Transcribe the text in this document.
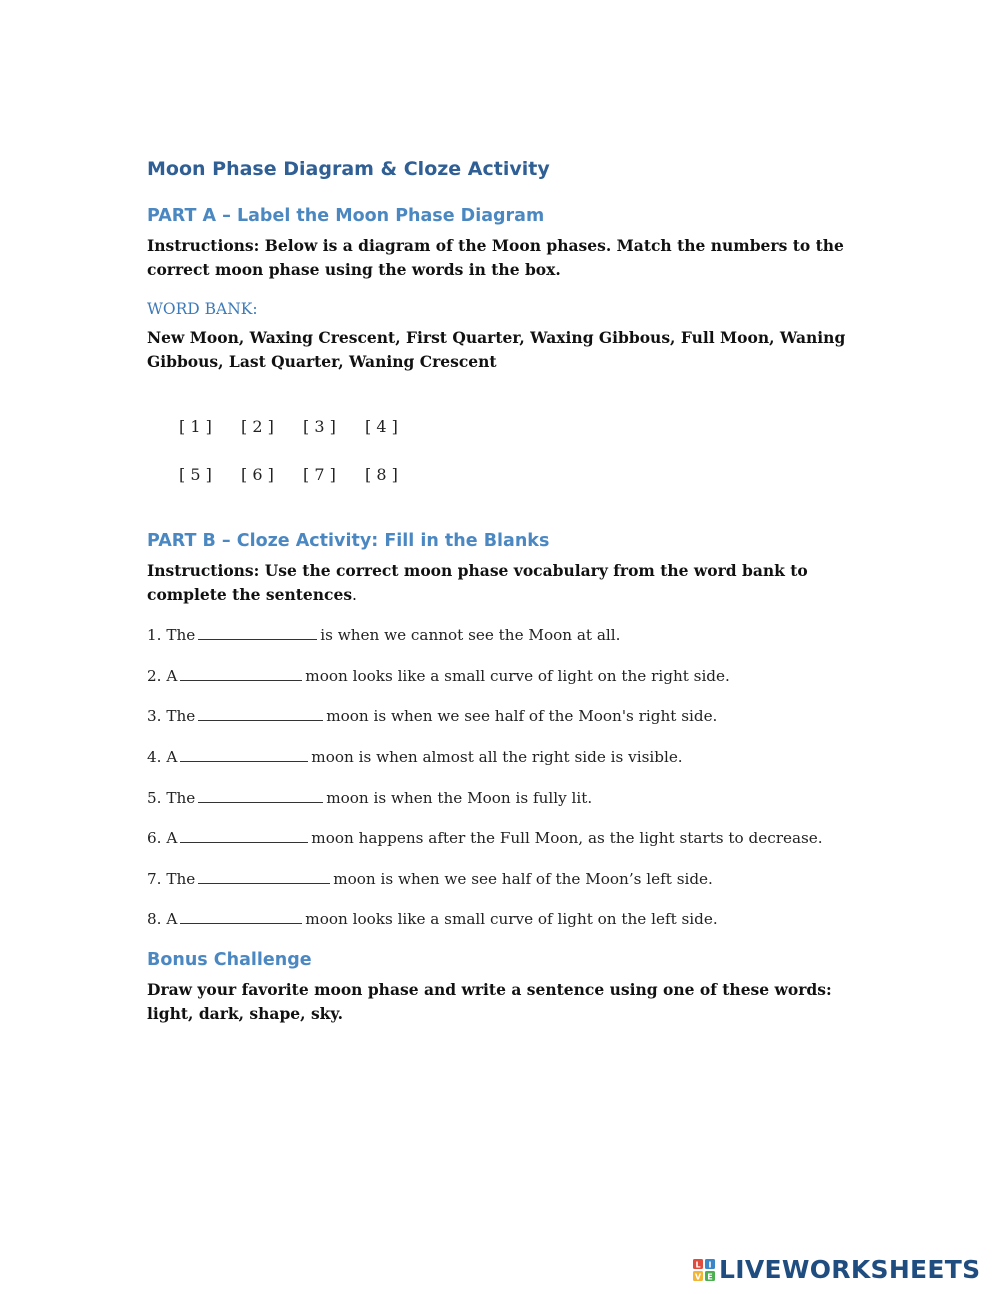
Moon Phase Diagram & Cloze Activity
PART A – Label the Moon Phase Diagram

Instructions: Below is a diagram of the Moon phases. Match the numbers to the correct moon phase using the words in the box.

WORD BANK:

New Moon, Waxing Crescent, First Quarter, Waxing Gibbous, Full Moon, Waning Gibbous, Last Quarter, Waning Crescent

[ 1 ]	[ 2 ]	[ 3 ]	[ 4 ]
[ 5 ]	[ 6 ]	[ 7 ]	[ 8 ]
PART B – Cloze Activity: Fill in the Blanks

Instructions: Use the correct moon phase vocabulary from the word bank to complete the sentences.

1. The	is when we cannot see the Moon at all.

2. A	moon looks like a small curve of light on the right side.

3. The	moon is when we see half of the Moon's right side.

4. A	moon is when almost all the right side is visible.

5. The	moon is when the Moon is fully lit.

6. A	moon happens after the Full Moon, as the light starts to decrease.

7. The	moon is when we see half of the Moon’s left side.

8. A	moon looks like a small curve of light on the left side.

Bonus Challenge

Draw your favorite moon phase and write a sentence using one of these words: light, dark, shape, sky.

L I
V E LIVEWORKSHEETS
